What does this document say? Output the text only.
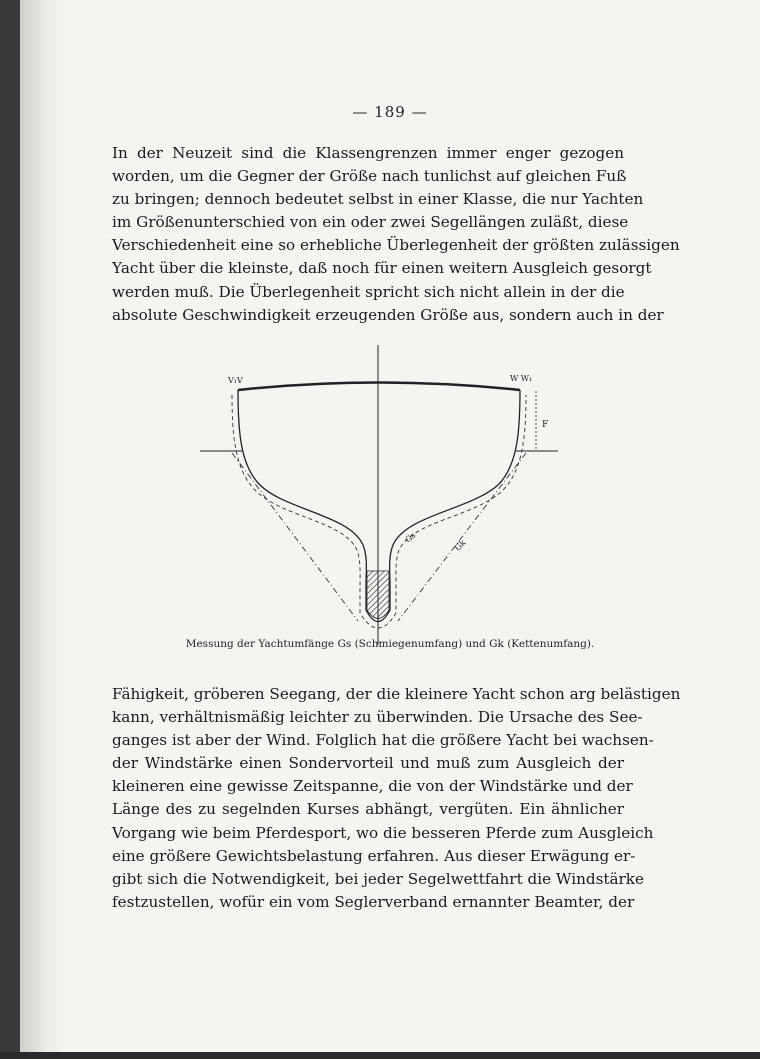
— 189 —

In der Neuzeit sind die Klassengrenzen immer enger gezogen
worden, um die Gegner der Größe nach tunlichst auf gleichen Fuß
zu bringen; dennoch bedeutet selbst in einer Klasse, die nur Yachten
im Größenunterschied von ein oder zwei Segellängen zuläßt, diese
Verschiedenheit eine so erhebliche Überlegenheit der größten zulässigen
Yacht über die kleinste, daß noch für einen weitern Ausgleich gesorgt
werden muß. Die Überlegenheit spricht sich nicht allein in der die
absolute Geschwindigkeit erzeugenden Größe aus, sondern auch in der

V₁V	W W₁
F
Gs
Gk
Messung der Yachtumfänge Gs (Schmiegenumfang) und Gk (Kettenumfang).

Fähigkeit, gröberen Seegang, der die kleinere Yacht schon arg belästigen
kann, verhältnismäßig leichter zu überwinden. Die Ursache des See-
ganges ist aber der Wind. Folglich hat die größere Yacht bei wachsen-
der Windstärke einen Sondervorteil und muß zum Ausgleich der
kleineren eine gewisse Zeitspanne, die von der Windstärke und der
Länge des zu segelnden Kurses abhängt, vergüten. Ein ähnlicher
Vorgang wie beim Pferdesport, wo die besseren Pferde zum Ausgleich
eine größere Gewichtsbelastung erfahren. Aus dieser Erwägung er-
gibt sich die Notwendigkeit, bei jeder Segelwettfahrt die Windstärke
festzustellen, wofür ein vom Seglerverband ernannter Beamter, der
